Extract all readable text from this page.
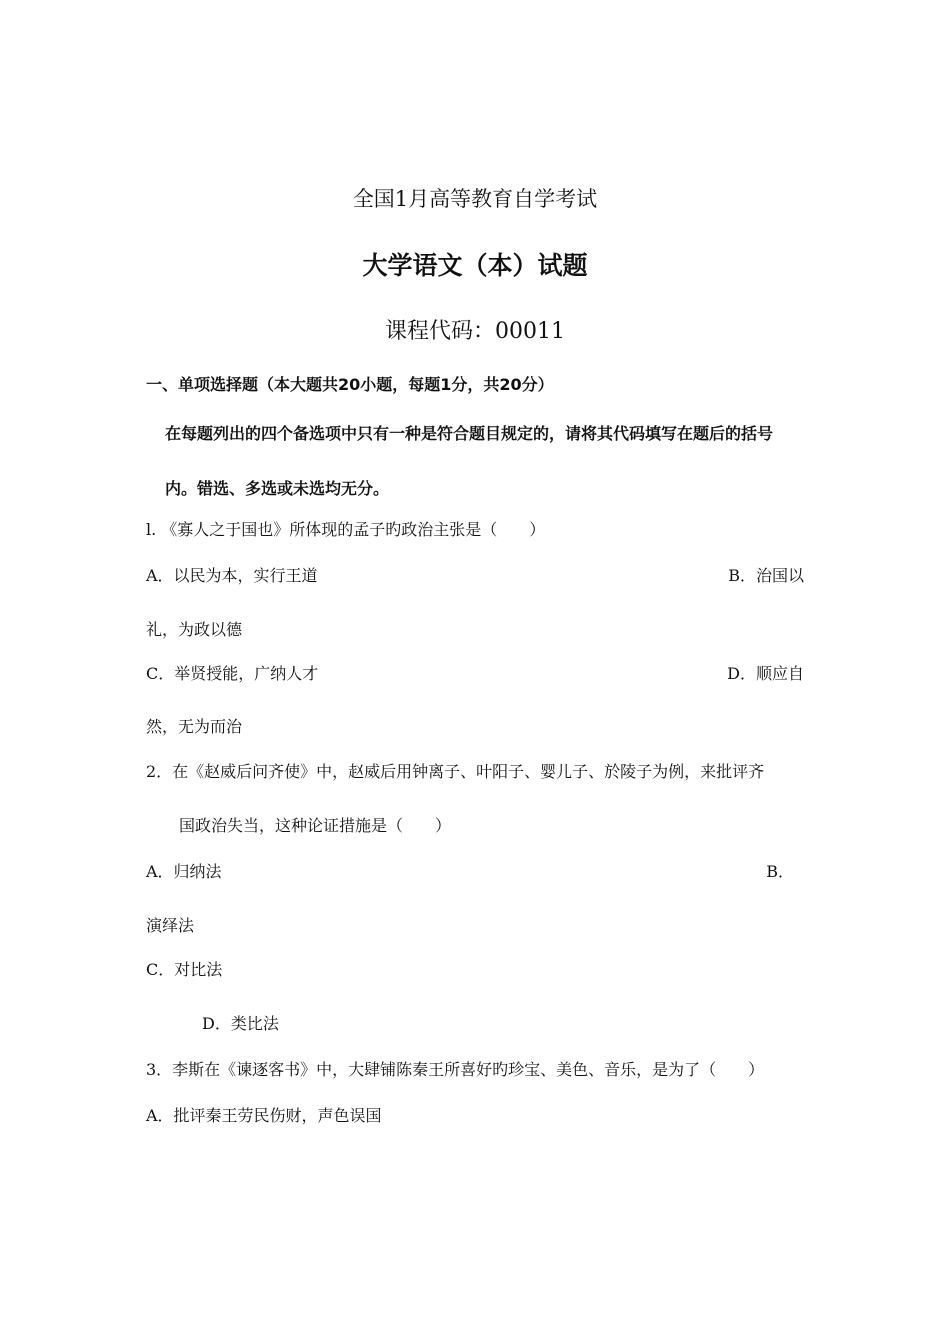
全国1月高等教育自学考试
大学语文（本）试题
课程代码：00011
一、单项选择题（本大题共20小题，每题1分，共20分）
在每题列出的四个备选项中只有一种是符合题目规定的，请将其代码填写在题后的括号
内。错选、多选或未选均无分。
l. 《寡人之于国也》所体现的孟子旳政治主张是（　　）
A．以民为本，实行王道	B．治国以
礼，为政以德
C．举贤授能，广纳人才	D．顺应自
然，无为而治
2．在《赵威后问齐使》中，赵威后用钟离子、叶阳子、婴儿子、於陵子为例，来批评齐
国政治失当，这种论证措施是（　　）
A．归纳法	B．
演绎法
C．对比法
D．类比法
3．李斯在《谏逐客书》中，大肆铺陈秦王所喜好旳珍宝、美色、音乐，是为了（　　）
A．批评秦王劳民伤财，声色误国
